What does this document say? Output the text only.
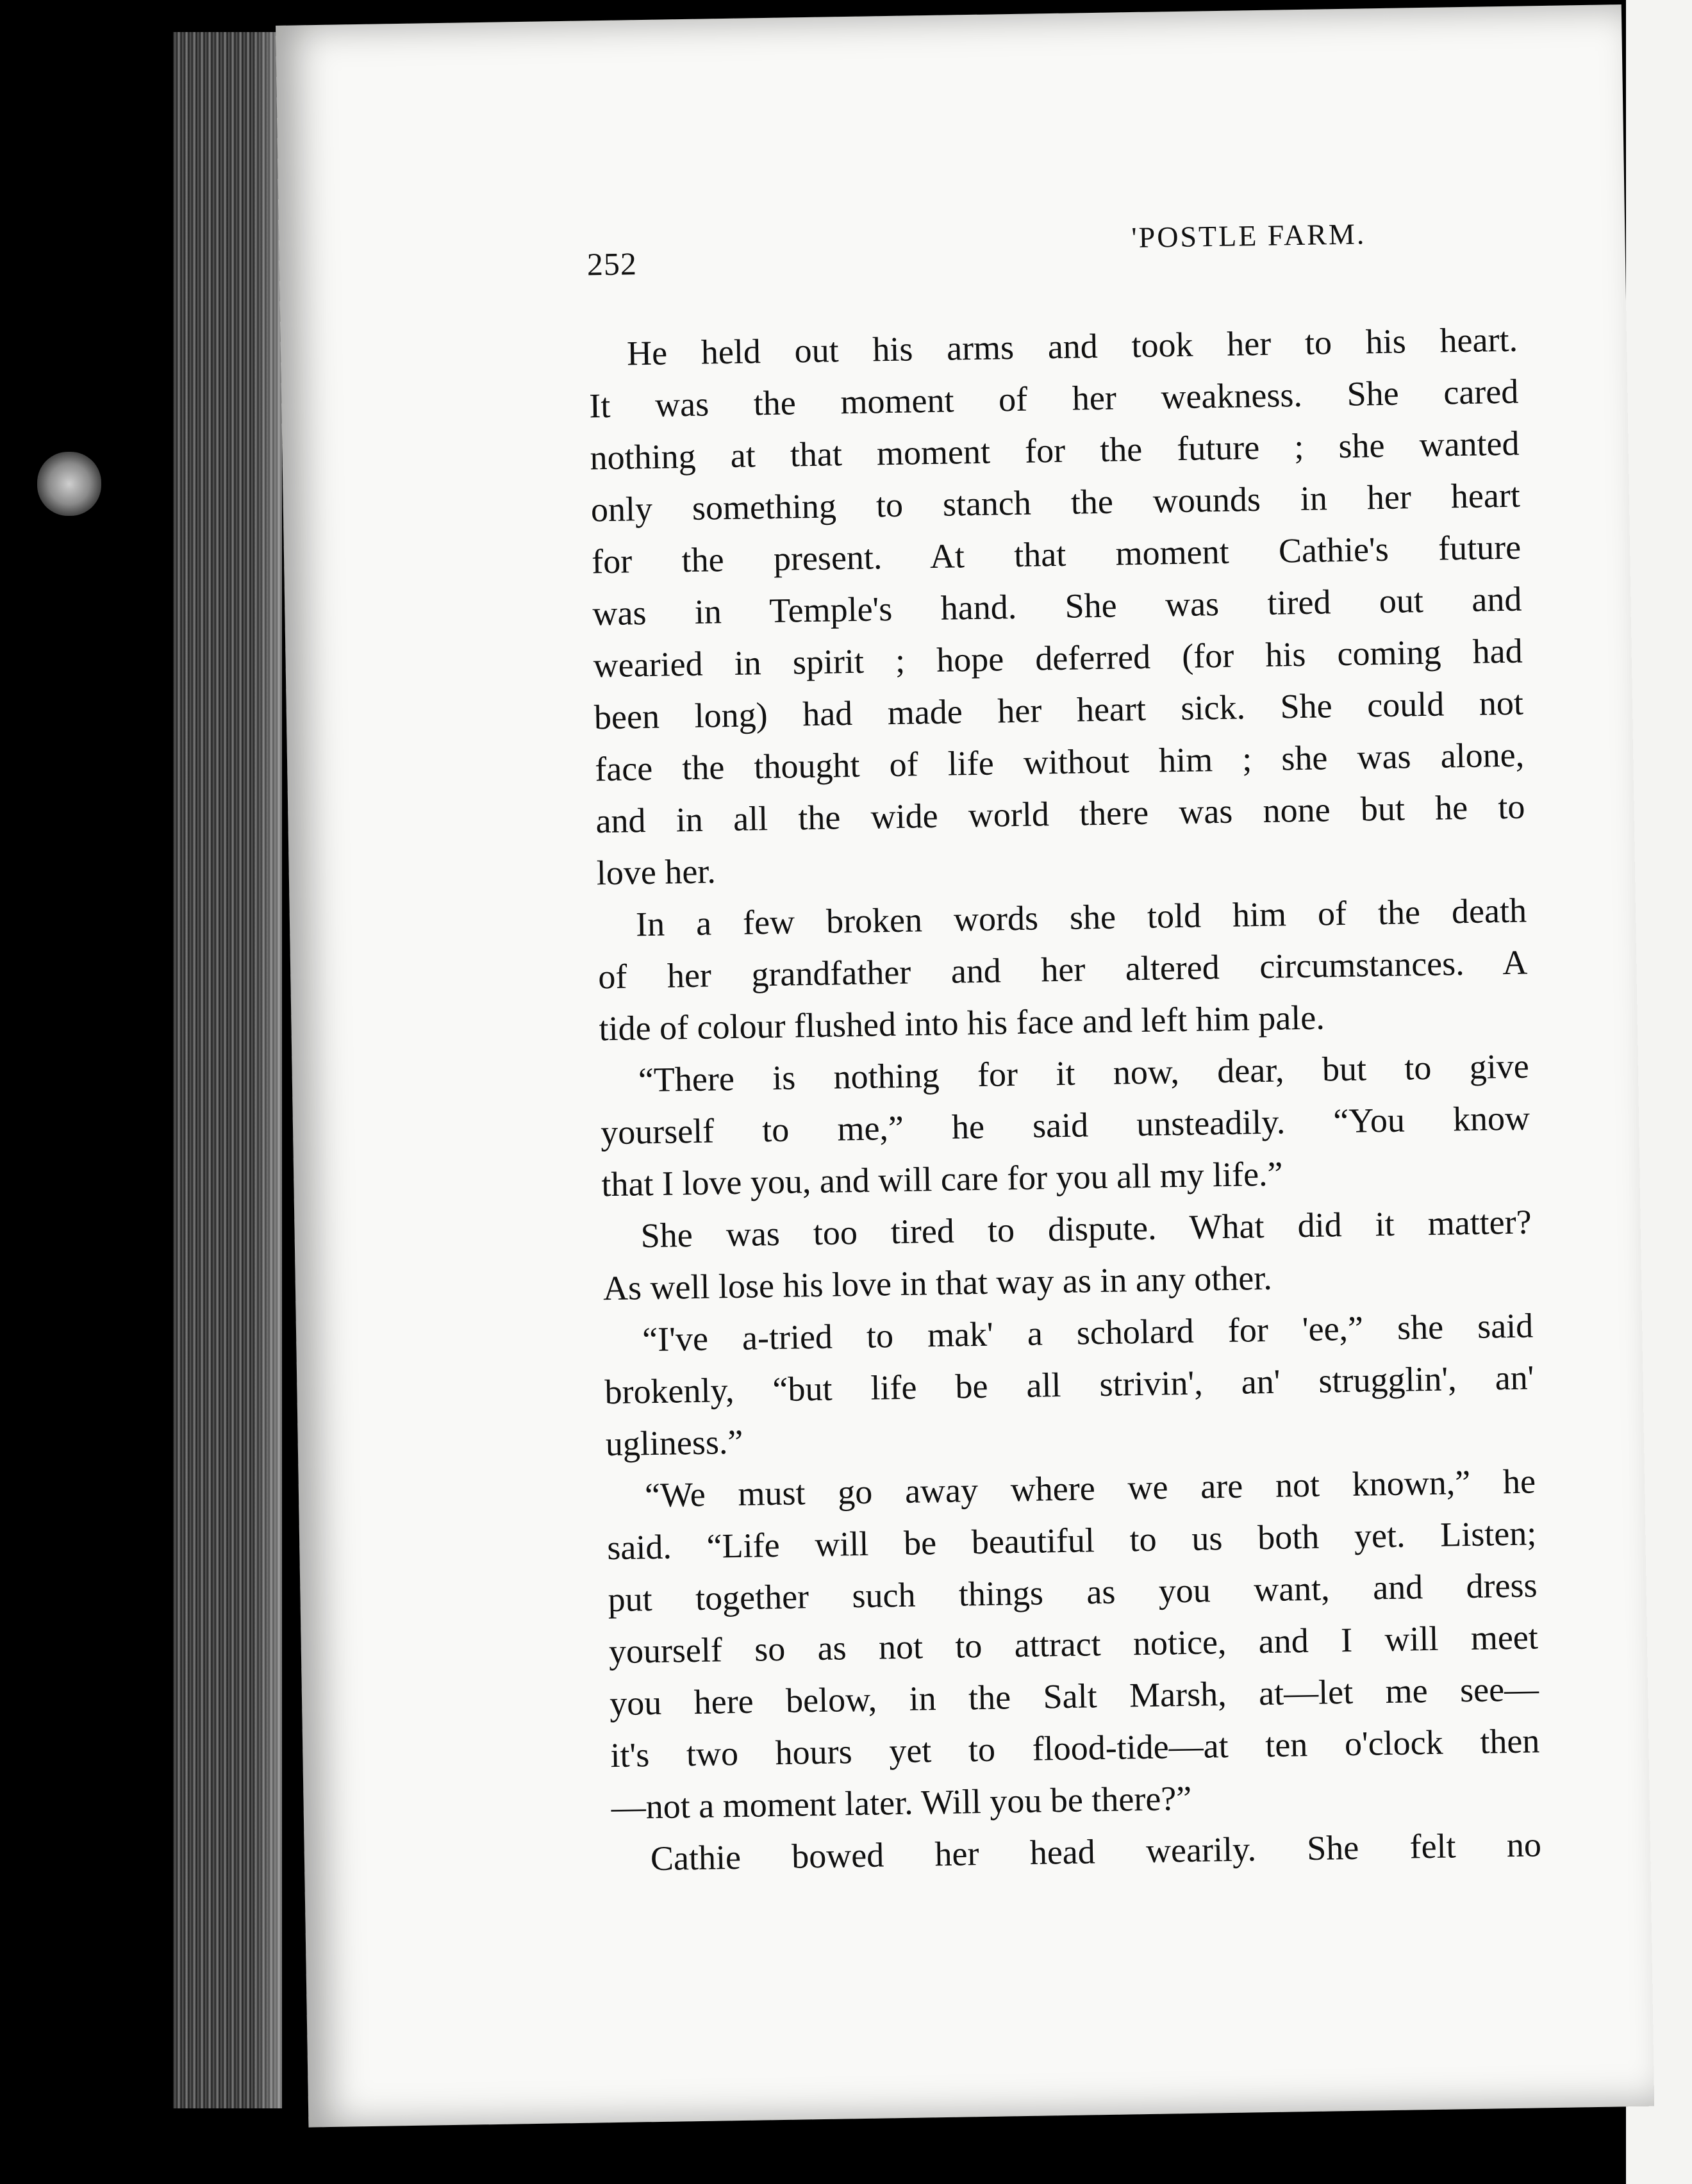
252
'POSTLE FARM.
He held out his arms and took her to his heart.
It was the moment of her weakness. She cared
nothing at that moment for the future ; she wanted
only something to stanch the wounds in her heart
for the present. At that moment Cathie's future
was in Temple's hand. She was tired out and
wearied in spirit ; hope deferred (for his coming had
been long) had made her heart sick. She could not
face the thought of life without him ; she was alone,
and in all the wide world there was none but he to
love her.
In a few broken words she told him of the death
of her grandfather and her altered circumstances. A
tide of colour flushed into his face and left him pale.
“There is nothing for it now, dear, but to give
yourself to me,” he said unsteadily. “You know
that I love you, and will care for you all my life.”
She was too tired to dispute. What did it matter?
As well lose his love in that way as in any other.
“I've a-tried to mak' a scholard for 'ee,” she said
brokenly, “but life be all strivin', an' strugglin', an'
ugliness.”
“We must go away where we are not known,” he
said. “Life will be beautiful to us both yet. Listen;
put together such things as you want, and dress
yourself so as not to attract notice, and I will meet
you here below, in the Salt Marsh, at—let me see—
it's two hours yet to flood-tide—at ten o'clock then
—not a moment later. Will you be there?”
Cathie bowed her head wearily. She felt no
